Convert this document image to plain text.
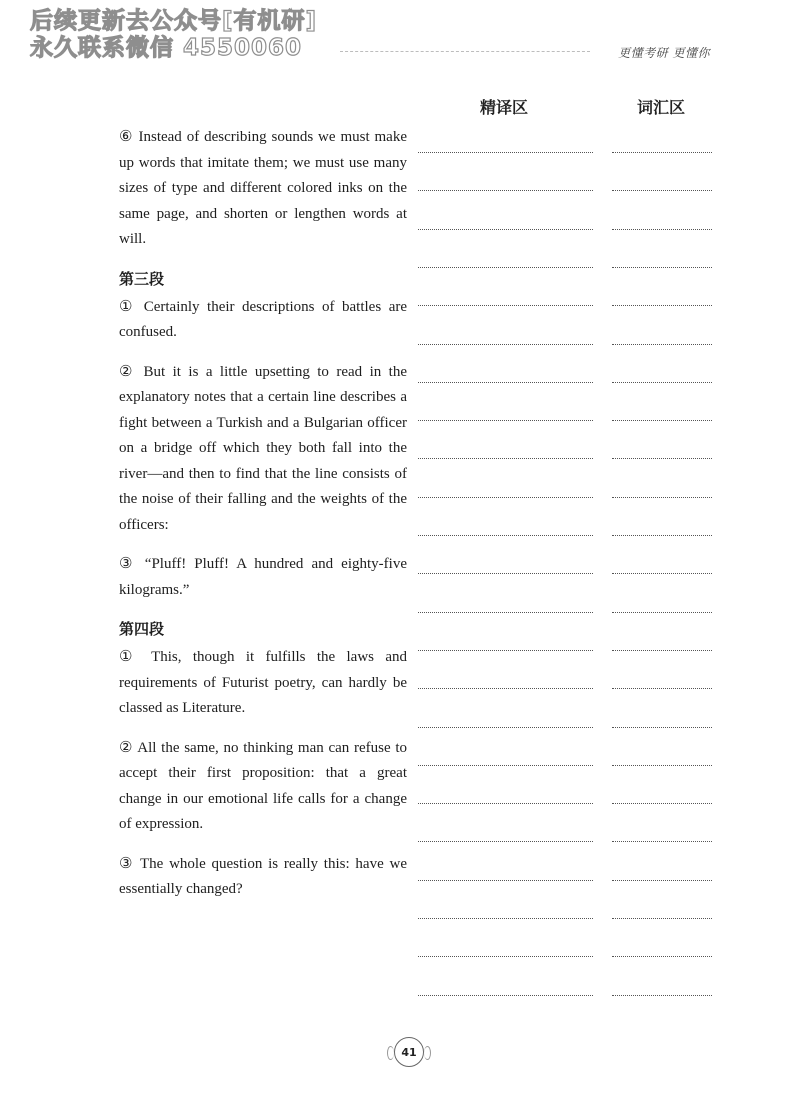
后续更新去公众号[有机研]
永久联系微信 4550060	更懂考研 更懂你
精译区	词汇区

⑥ Instead of describing sounds we must make up words that imitate them; we must use many sizes of type and different colored inks on the same page, and shorten or lengthen words at will.

第三段

① Certainly their descriptions of battles are confused.

② But it is a little upsetting to read in the explanatory notes that a certain line describes a fight between a Turkish and a Bulgarian officer on a bridge off which they both fall into the river—and then to find that the line consists of the noise of their falling and the weights of the officers:

③ “Pluff! Pluff! A hundred and eighty-five kilograms.”

第四段

① This, though it fulfills the laws and requirements of Futurist poetry, can hardly be classed as Literature.

② All the same, no thinking man can refuse to accept their first proposition: that a great change in our emotional life calls for a change of expression.

③ The whole question is really this: have we essentially changed?

41
